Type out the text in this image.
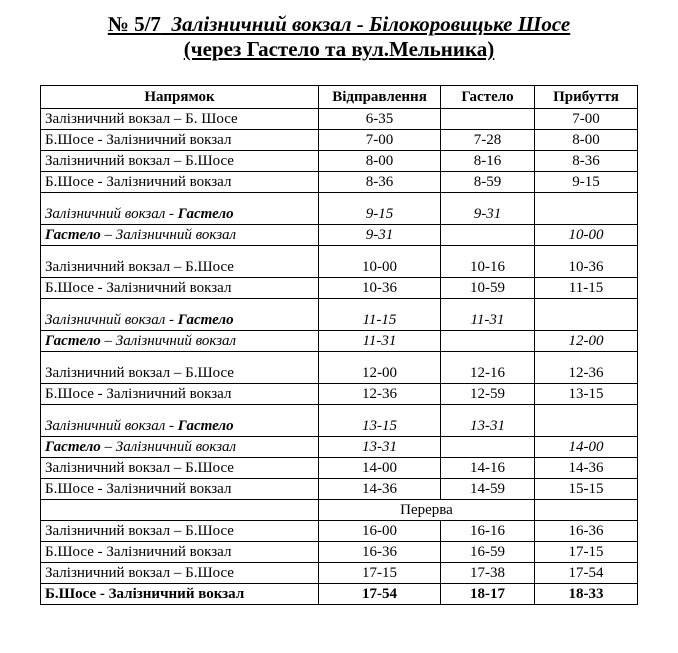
№ 5/7 Залізничний вокзал - Білокоровицьке Шосе
(через Гастело та вул.Мельника)
Напрямок	Відправлення	Гастело	Прибуття
Залізничний вокзал – Б. Шосе	6-35		7-00
Б.Шосе - Залізничний вокзал	7-00	7-28	8-00
Залізничний вокзал – Б.Шосе	8-00	8-16	8-36
Б.Шосе - Залізничний вокзал	8-36	8-59	9-15
Залізничний вокзал - Гастело	9-15	9-31	
Гастело – Залізничний вокзал	9-31		10-00
Залізничний вокзал – Б.Шосе	10-00	10-16	10-36
Б.Шосе - Залізничний вокзал	10-36	10-59	11-15
Залізничний вокзал - Гастело	11-15	11-31	
Гастело – Залізничний вокзал	11-31		12-00
Залізничний вокзал – Б.Шосе	12-00	12-16	12-36
Б.Шосе - Залізничний вокзал	12-36	12-59	13-15
Залізничний вокзал - Гастело	13-15	13-31	
Гастело – Залізничний вокзал	13-31		14-00
Залізничний вокзал – Б.Шосе	14-00	14-16	14-36
Б.Шосе - Залізничний вокзал	14-36	14-59	15-15
	Перерва		
Залізничний вокзал – Б.Шосе	16-00	16-16	16-36
Б.Шосе - Залізничний вокзал	16-36	16-59	17-15
Залізничний вокзал – Б.Шосе	17-15	17-38	17-54
Б.Шосе - Залізничний вокзал	17-54	18-17	18-33
